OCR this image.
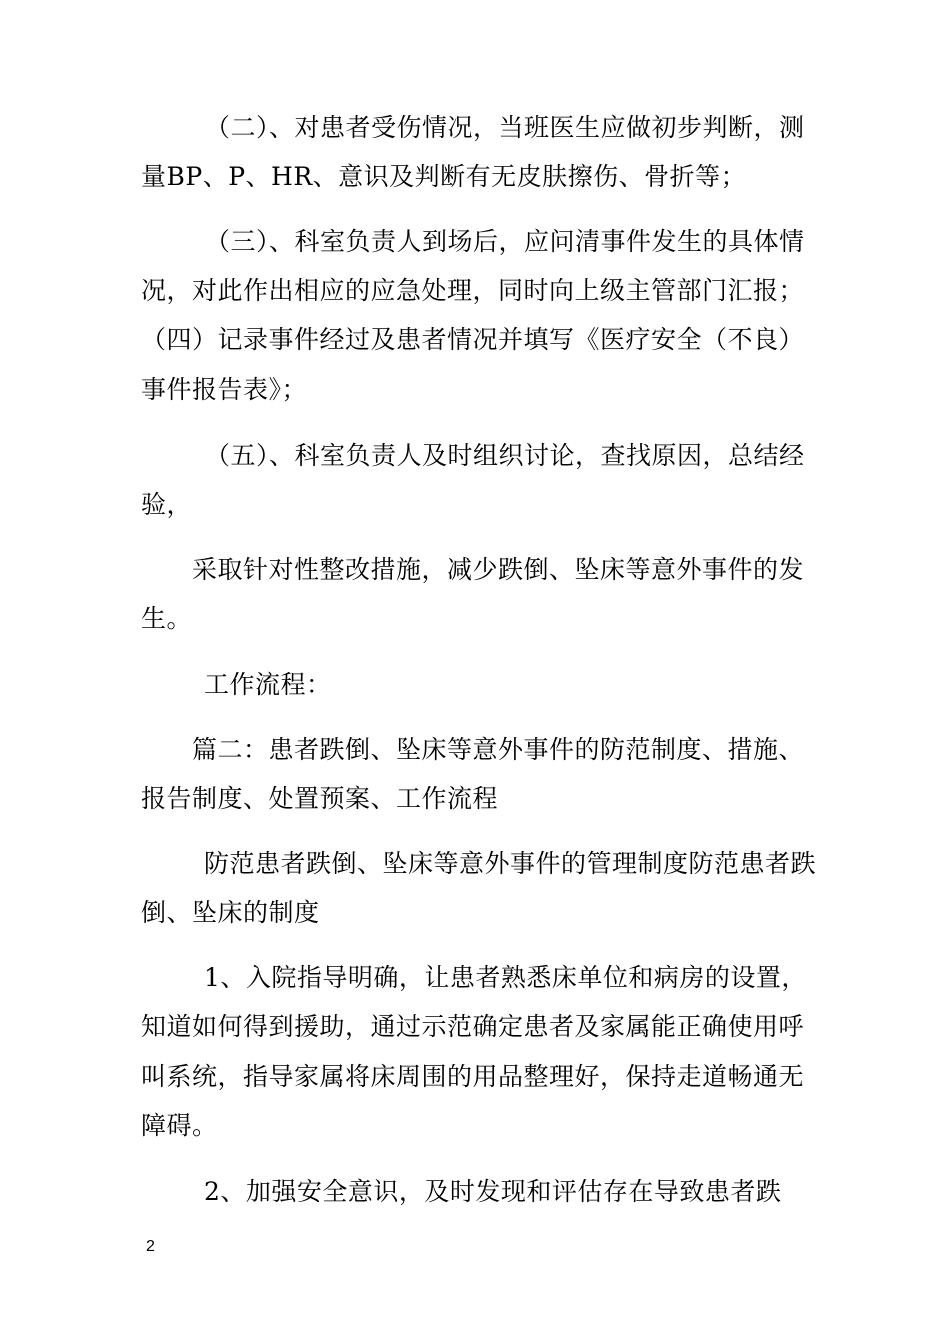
（二）、对患者受伤情况，当班医生应做初步判断，测
量BP、P、HR、意识及判断有无皮肤擦伤、骨折等；
（三）、科室负责人到场后，应问清事件发生的具体情
况，对此作出相应的应急处理，同时向上级主管部门汇报；
（四）记录事件经过及患者情况并填写《医疗安全（不良）
事件报告表》；
（五）、科室负责人及时组织讨论，查找原因，总结经
验，
采取针对性整改措施，减少跌倒、坠床等意外事件的发
生。
工作流程：
篇二：患者跌倒、坠床等意外事件的防范制度、措施、
报告制度、处置预案、工作流程
防范患者跌倒、坠床等意外事件的管理制度防范患者跌
倒、坠床的制度
1、入院指导明确，让患者熟悉床单位和病房的设置，
知道如何得到援助，通过示范确定患者及家属能正确使用呼
叫系统，指导家属将床周围的用品整理好，保持走道畅通无
障碍。
2、加强安全意识，及时发现和评估存在导致患者跌
2
